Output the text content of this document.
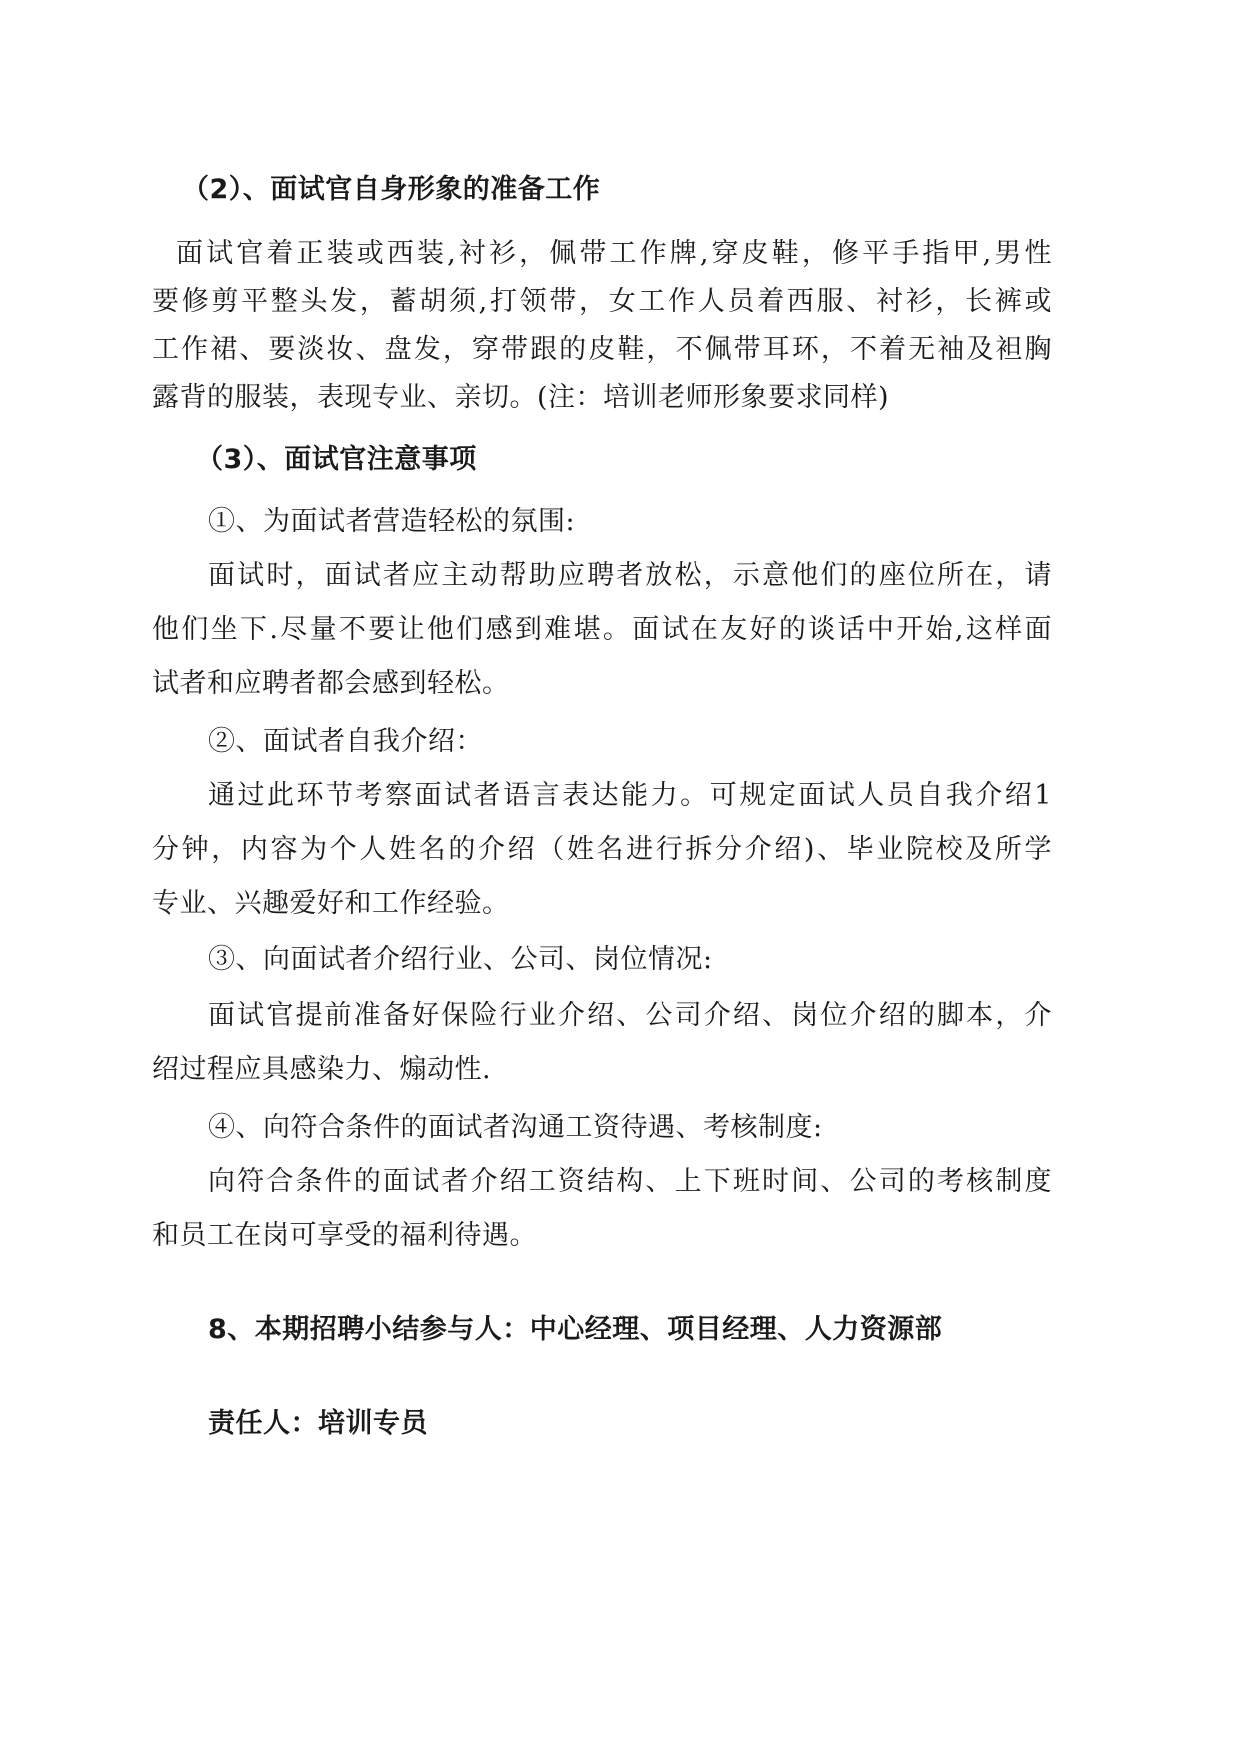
（2）、面试官自身形象的准备工作
面试官着正装或西装,衬衫，佩带工作牌,穿皮鞋，修平手指甲,男性
要修剪平整头发，蓄胡须,打领带，女工作人员着西服、衬衫，长裤或
工作裙、要淡妆、盘发，穿带跟的皮鞋，不佩带耳环，不着无袖及袒胸
露背的服装，表现专业、亲切。(注：培训老师形象要求同样)
（3）、面试官注意事项
①、为面试者营造轻松的氛围:
面试时，面试者应主动帮助应聘者放松，示意他们的座位所在，请
他们坐下.尽量不要让他们感到难堪。面试在友好的谈话中开始,这样面
试者和应聘者都会感到轻松。
②、面试者自我介绍：
通过此环节考察面试者语言表达能力。可规定面试人员自我介绍1
分钟，内容为个人姓名的介绍（姓名进行拆分介绍)、毕业院校及所学
专业、兴趣爱好和工作经验。
③、向面试者介绍行业、公司、岗位情况:
面试官提前准备好保险行业介绍、公司介绍、岗位介绍的脚本，介
绍过程应具感染力、煽动性.
④、向符合条件的面试者沟通工资待遇、考核制度:
向符合条件的面试者介绍工资结构、上下班时间、公司的考核制度
和员工在岗可享受的福利待遇。
8、本期招聘小结参与人：中心经理、项目经理、人力资源部
责任人：培训专员
